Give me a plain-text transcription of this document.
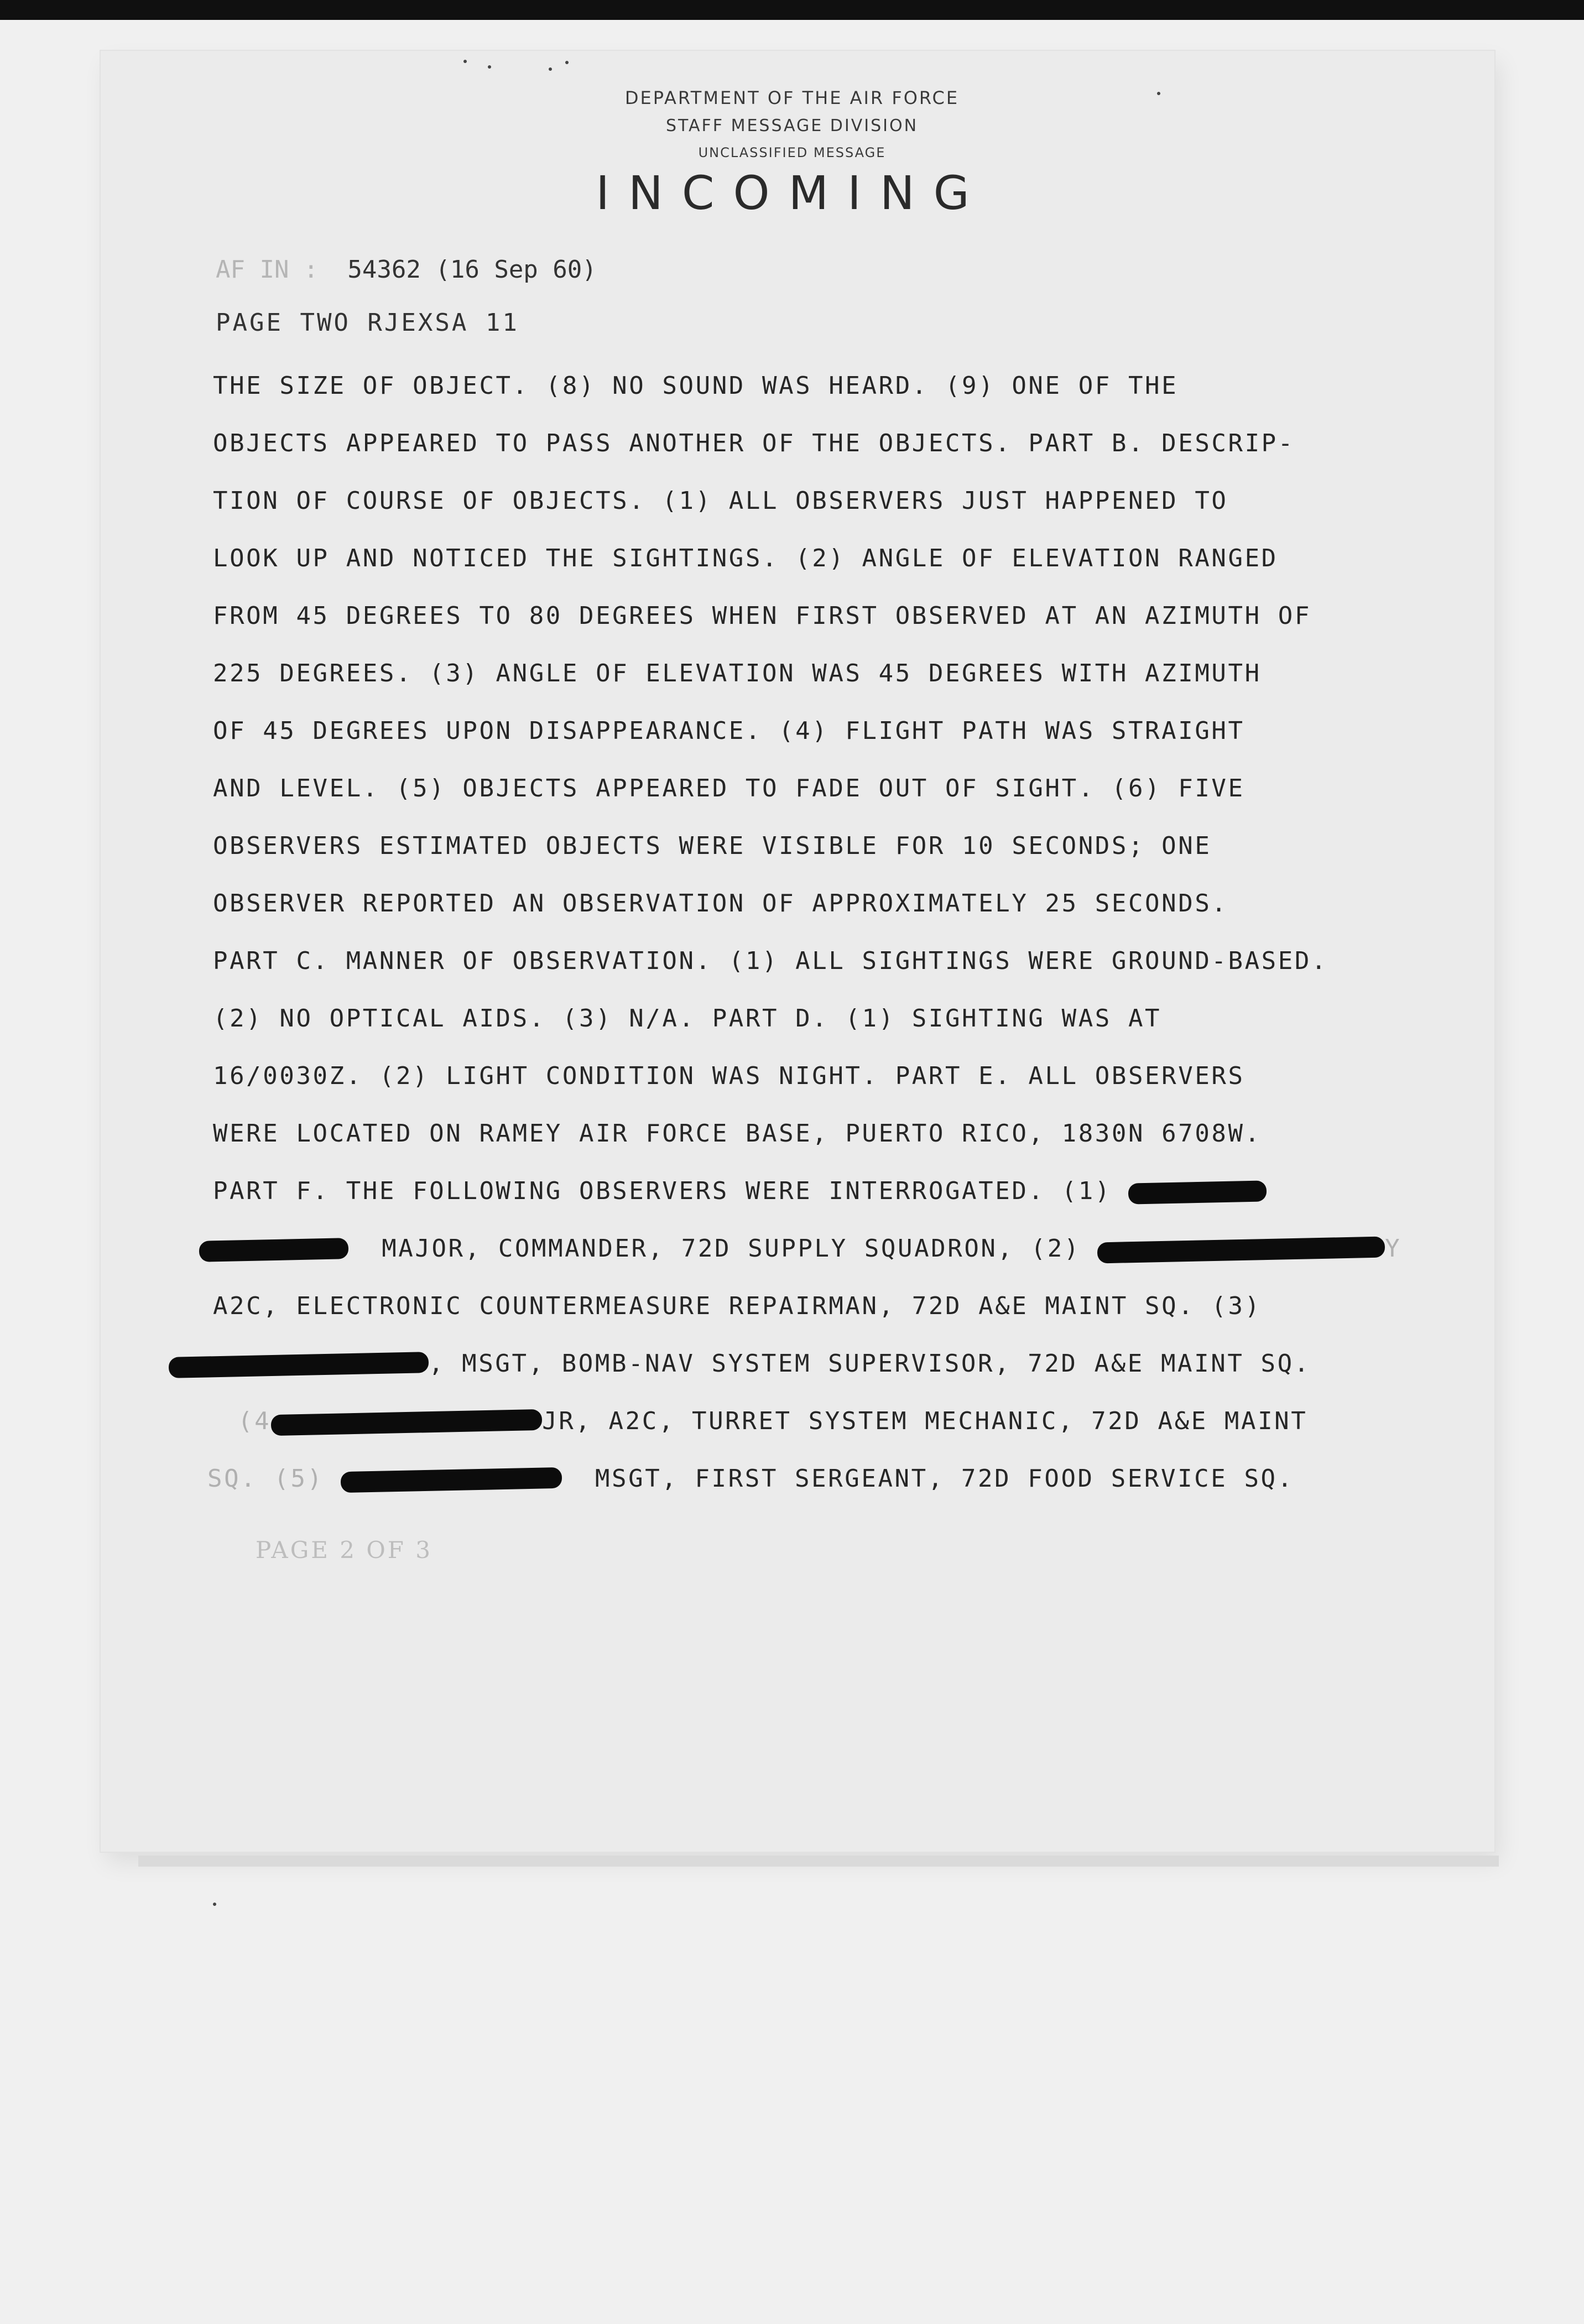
DEPARTMENT OF THE AIR FORCE
STAFF MESSAGE DIVISION
UNCLASSIFIED MESSAGE
INCOMING
AF IN : 54362 (16 Sep 60)
PAGE TWO RJEXSA 11
THE SIZE OF OBJECT. (8) NO SOUND WAS HEARD. (9) ONE OF THE
OBJECTS APPEARED TO PASS ANOTHER OF THE OBJECTS. PART B. DESCRIP-
TION OF COURSE OF OBJECTS. (1) ALL OBSERVERS JUST HAPPENED TO
LOOK UP AND NOTICED THE SIGHTINGS. (2) ANGLE OF ELEVATION RANGED
FROM 45 DEGREES TO 80 DEGREES WHEN FIRST OBSERVED AT AN AZIMUTH OF
225 DEGREES. (3) ANGLE OF ELEVATION WAS 45 DEGREES WITH AZIMUTH
OF 45 DEGREES UPON DISAPPEARANCE. (4) FLIGHT PATH WAS STRAIGHT
AND LEVEL. (5) OBJECTS APPEARED TO FADE OUT OF SIGHT. (6) FIVE
OBSERVERS ESTIMATED OBJECTS WERE VISIBLE FOR 10 SECONDS; ONE
OBSERVER REPORTED AN OBSERVATION OF APPROXIMATELY 25 SECONDS.
PART C. MANNER OF OBSERVATION. (1) ALL SIGHTINGS WERE GROUND-BASED.
(2) NO OPTICAL AIDS. (3) N/A. PART D. (1) SIGHTING WAS AT
16/0030Z. (2) LIGHT CONDITION WAS NIGHT. PART E. ALL OBSERVERS
WERE LOCATED ON RAMEY AIR FORCE BASE, PUERTO RICO, 1830N 6708W.
PART F. THE FOLLOWING OBSERVERS WERE INTERROGATED. (1)
MAJOR, COMMANDER, 72D SUPPLY SQUADRON, (2)	Y
A2C, ELECTRONIC COUNTERMEASURE REPAIRMAN, 72D A&E MAINT SQ. (3)
, MSGT, BOMB-NAV SYSTEM SUPERVISOR, 72D A&E MAINT SQ.
(4	JR, A2C, TURRET SYSTEM MECHANIC, 72D A&E MAINT
SQ. (5)	MSGT, FIRST SERGEANT, 72D FOOD SERVICE SQ.
PAGE 2 OF 3
